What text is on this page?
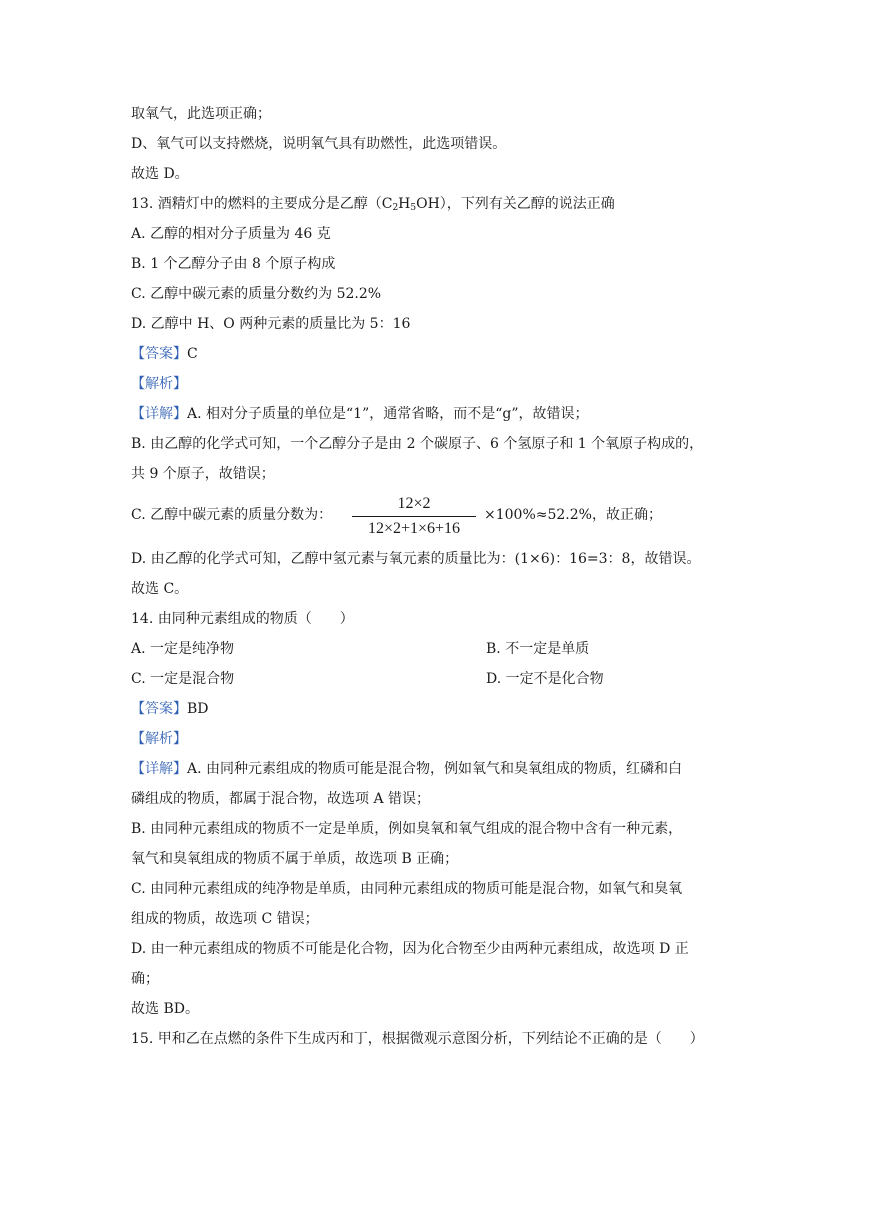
取氧气，此选项正确；
D、氧气可以支持燃烧，说明氧气具有助燃性，此选项错误。
故选 D。
13. 酒精灯中的燃料的主要成分是乙醇$(C_2H_5OH)$，下列有关乙醇的说法正确
A. 乙醇的相对分子质量为 46 克
B. 1 个乙醇分子由 8 个原子构成
C. 乙醇中碳元素的质量分数约为 52.2%
D. 乙醇中 H、O 两种元素的质量比为 5：16
【答案】C
【解析】
【详解】A. 相对分子质量的单位是“1”，通常省略，而不是“g”，故错误；
B. 由乙醇的化学式可知，一个乙醇分子是由 2 个碳原子、6 个氢原子和 1 个氧原子构成的，
共 9 个原子，故错误；
C. 乙醇中碳元素的质量分数为：
12×2
12×2+1×6+16
×100%≈52.2%，故正确；
D. 由乙醇的化学式可知，乙醇中氢元素与氧元素的质量比为：(1×6)：16=3：8，故错误。
故选 C。
14. 由同种元素组成的物质（　　）
A. 一定是纯净物	B. 不一定是单质
C. 一定是混合物	D. 一定不是化合物
【答案】BD
【解析】
【详解】A. 由同种元素组成的物质可能是混合物，例如氧气和臭氧组成的物质，红磷和白
磷组成的物质，都属于混合物，故选项 A 错误；
B. 由同种元素组成的物质不一定是单质，例如臭氧和氧气组成的混合物中含有一种元素，
氧气和臭氧组成的物质不属于单质，故选项 B 正确；
C. 由同种元素组成的纯净物是单质，由同种元素组成的物质可能是混合物，如氧气和臭氧
组成的物质，故选项 C 错误；
D. 由一种元素组成的物质不可能是化合物，因为化合物至少由两种元素组成，故选项 D 正
确；
故选 BD。
15. 甲和乙在点燃的条件下生成丙和丁，根据微观示意图分析，下列结论不正确的是（　　）
